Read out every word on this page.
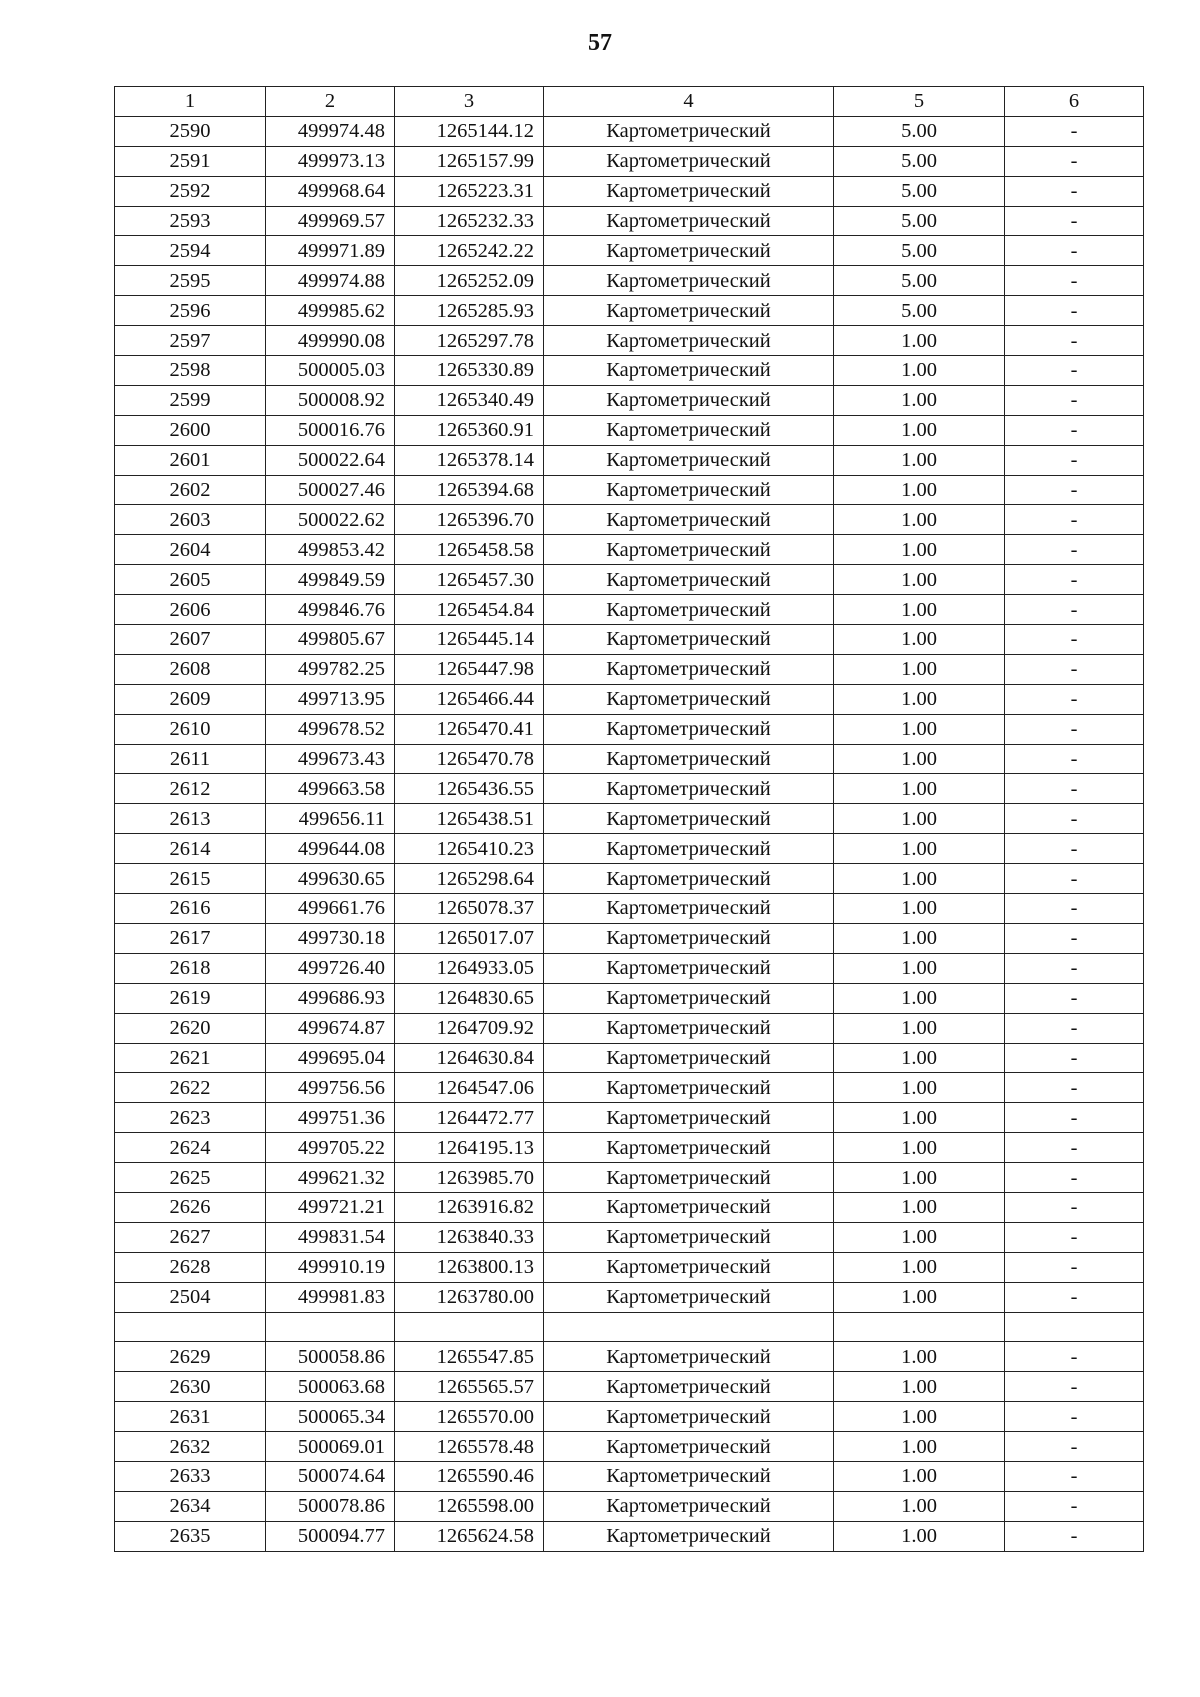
57
1	2	3	4	5	6
2590	499974.48	1265144.12	Картометрический	5.00	-
2591	499973.13	1265157.99	Картометрический	5.00	-
2592	499968.64	1265223.31	Картометрический	5.00	-
2593	499969.57	1265232.33	Картометрический	5.00	-
2594	499971.89	1265242.22	Картометрический	5.00	-
2595	499974.88	1265252.09	Картометрический	5.00	-
2596	499985.62	1265285.93	Картометрический	5.00	-
2597	499990.08	1265297.78	Картометрический	1.00	-
2598	500005.03	1265330.89	Картометрический	1.00	-
2599	500008.92	1265340.49	Картометрический	1.00	-
2600	500016.76	1265360.91	Картометрический	1.00	-
2601	500022.64	1265378.14	Картометрический	1.00	-
2602	500027.46	1265394.68	Картометрический	1.00	-
2603	500022.62	1265396.70	Картометрический	1.00	-
2604	499853.42	1265458.58	Картометрический	1.00	-
2605	499849.59	1265457.30	Картометрический	1.00	-
2606	499846.76	1265454.84	Картометрический	1.00	-
2607	499805.67	1265445.14	Картометрический	1.00	-
2608	499782.25	1265447.98	Картометрический	1.00	-
2609	499713.95	1265466.44	Картометрический	1.00	-
2610	499678.52	1265470.41	Картометрический	1.00	-
2611	499673.43	1265470.78	Картометрический	1.00	-
2612	499663.58	1265436.55	Картометрический	1.00	-
2613	499656.11	1265438.51	Картометрический	1.00	-
2614	499644.08	1265410.23	Картометрический	1.00	-
2615	499630.65	1265298.64	Картометрический	1.00	-
2616	499661.76	1265078.37	Картометрический	1.00	-
2617	499730.18	1265017.07	Картометрический	1.00	-
2618	499726.40	1264933.05	Картометрический	1.00	-
2619	499686.93	1264830.65	Картометрический	1.00	-
2620	499674.87	1264709.92	Картометрический	1.00	-
2621	499695.04	1264630.84	Картометрический	1.00	-
2622	499756.56	1264547.06	Картометрический	1.00	-
2623	499751.36	1264472.77	Картометрический	1.00	-
2624	499705.22	1264195.13	Картометрический	1.00	-
2625	499621.32	1263985.70	Картометрический	1.00	-
2626	499721.21	1263916.82	Картометрический	1.00	-
2627	499831.54	1263840.33	Картометрический	1.00	-
2628	499910.19	1263800.13	Картометрический	1.00	-
2504	499981.83	1263780.00	Картометрический	1.00	-

2629	500058.86	1265547.85	Картометрический	1.00	-
2630	500063.68	1265565.57	Картометрический	1.00	-
2631	500065.34	1265570.00	Картометрический	1.00	-
2632	500069.01	1265578.48	Картометрический	1.00	-
2633	500074.64	1265590.46	Картометрический	1.00	-
2634	500078.86	1265598.00	Картометрический	1.00	-
2635	500094.77	1265624.58	Картометрический	1.00	-
